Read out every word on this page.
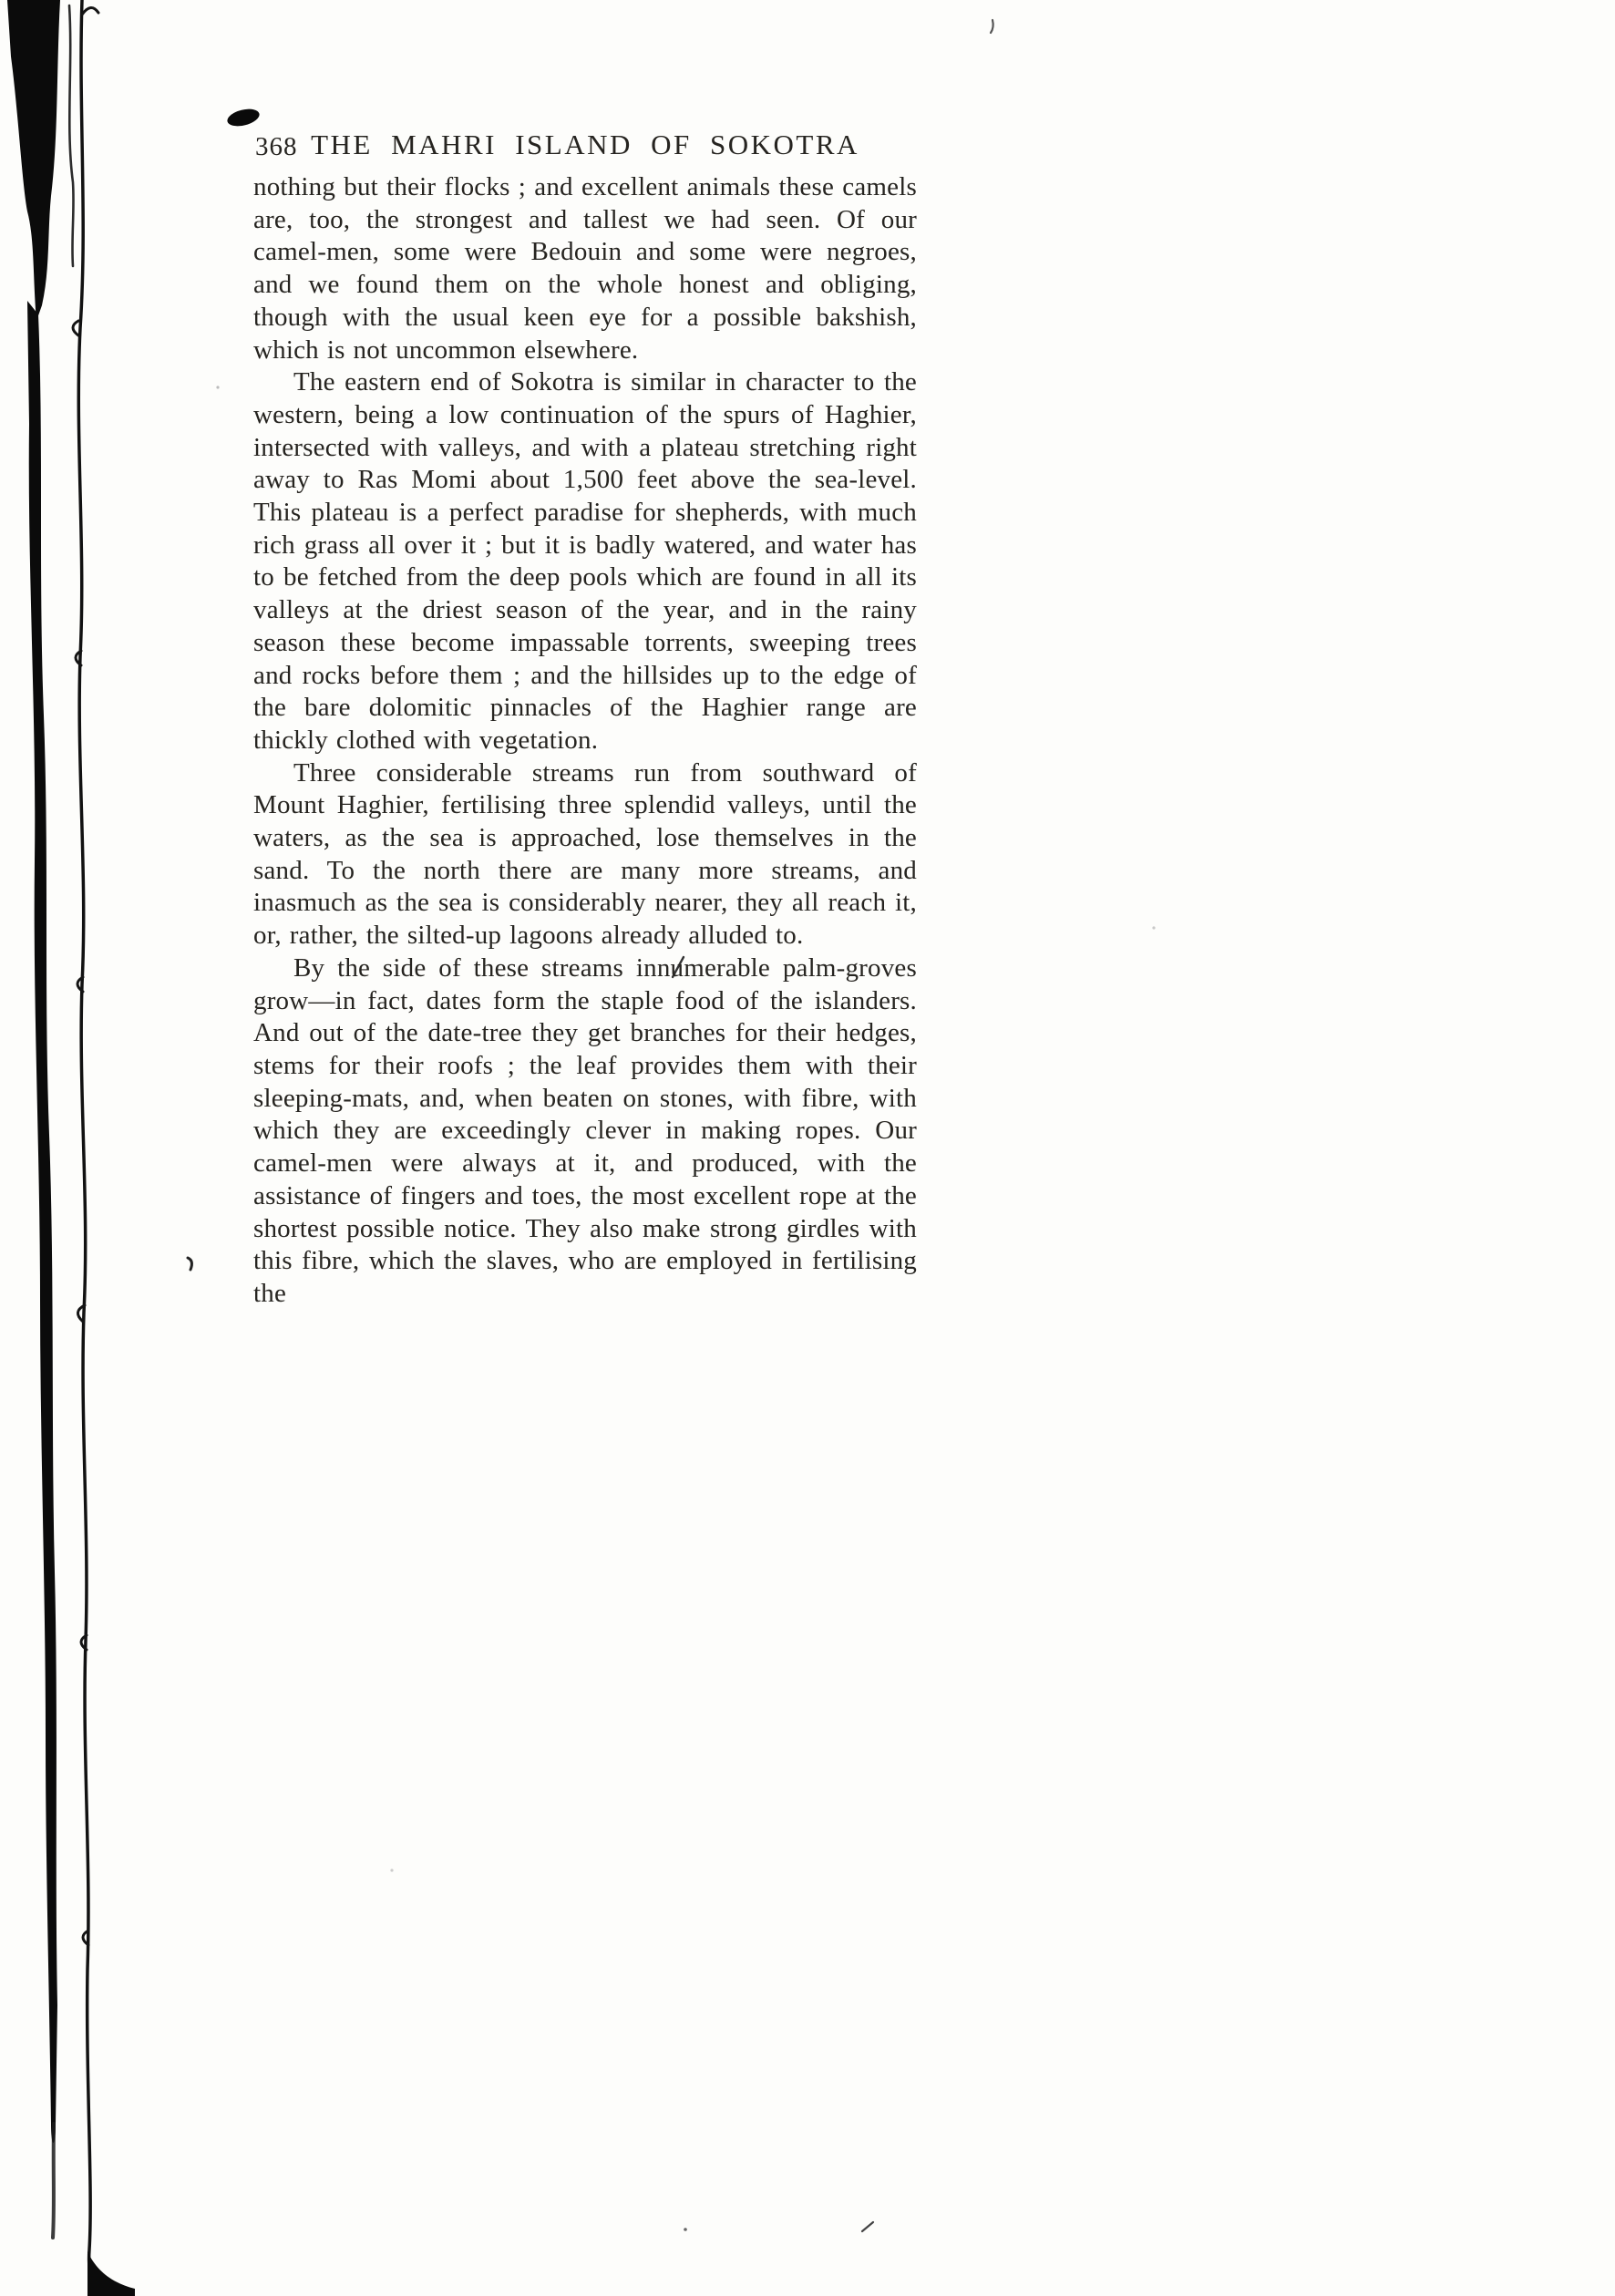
368 THE MAHRI ISLAND OF SOKOTRA

nothing but their flocks ; and excellent animals these camels are, too, the strongest and tallest we had seen. Of our camel-men, some were Bedouin and some were negroes, and we found them on the whole honest and obliging, though with the usual keen eye for a possible bakshish, which is not uncommon elsewhere.

The eastern end of Sokotra is similar in character to the western, being a low continuation of the spurs of Haghier, intersected with valleys, and with a plateau stretching right away to Ras Momi about 1,500 feet above the sea-level. This plateau is a perfect paradise for shepherds, with much rich grass all over it ; but it is badly watered, and water has to be fetched from the deep pools which are found in all its valleys at the driest season of the year, and in the rainy season these become impassable torrents, sweeping trees and rocks before them ; and the hillsides up to the edge of the bare dolomitic pinnacles of the Haghier range are thickly clothed with vegetation.

Three considerable streams run from southward of Mount Haghier, fertilising three splendid valleys, until the waters, as the sea is approached, lose themselves in the sand. To the north there are many more streams, and inasmuch as the sea is considerably nearer, they all reach it, or, rather, the silted-up lagoons already alluded to.

By the side of these streams innumerable palm-groves grow—in fact, dates form the staple food of the islanders. And out of the date-tree they get branches for their hedges, stems for their roofs ; the leaf provides them with their sleeping-mats, and, when beaten on stones, with fibre, with which they are exceedingly clever in making ropes. Our camel-men were always at it, and produced, with the assistance of fingers and toes, the most excellent rope at the shortest possible notice. They also make strong girdles with this fibre, which the slaves, who are employed in fertilising the
